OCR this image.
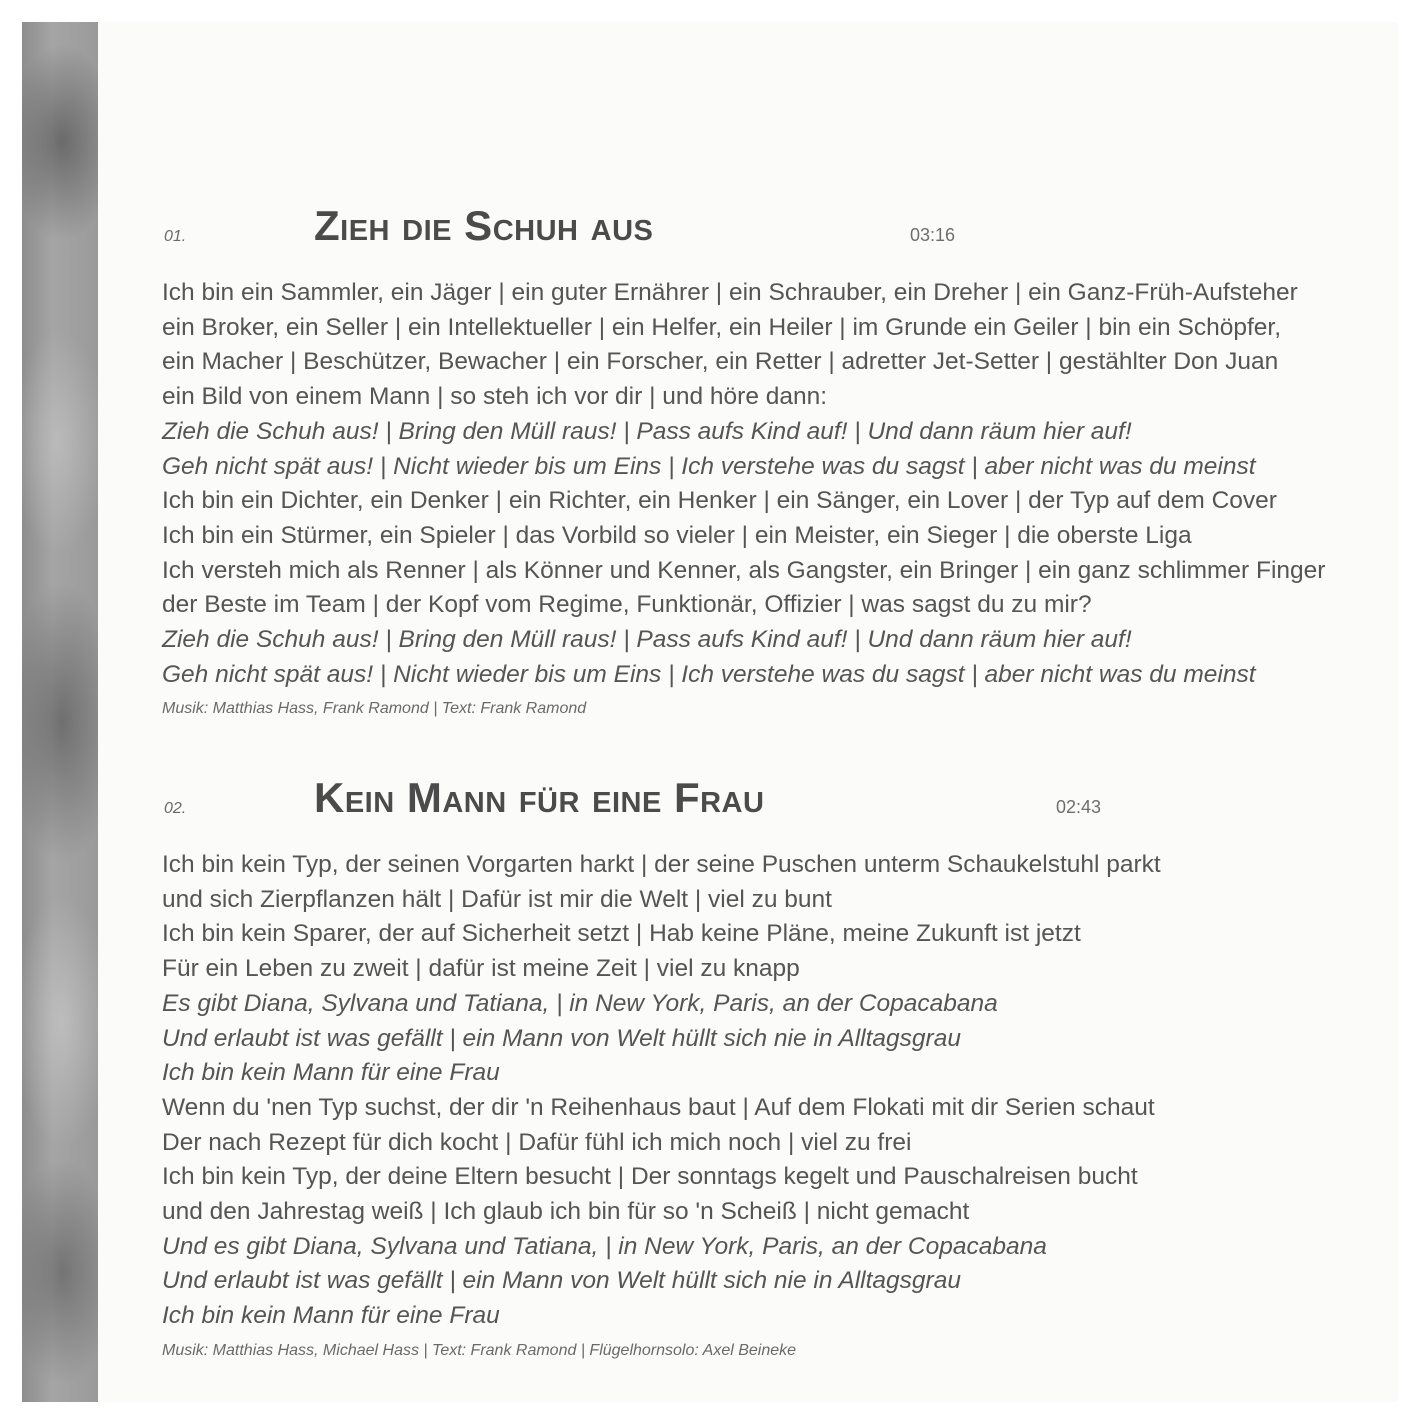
01.	Zieh die Schuh aus	03:16
Ich bin ein Sammler, ein Jäger | ein guter Ernährer | ein Schrauber, ein Dreher | ein Ganz-Früh-Aufsteher
ein Broker, ein Seller | ein Intellektueller | ein Helfer, ein Heiler | im Grunde ein Geiler | bin ein Schöpfer,
ein Macher | Beschützer, Bewacher | ein Forscher, ein Retter | adretter Jet-Setter | gestählter Don Juan
ein Bild von einem Mann | so steh ich vor dir | und höre dann:
Zieh die Schuh aus! | Bring den Müll raus! | Pass aufs Kind auf! | Und dann räum hier auf!
Geh nicht spät aus! | Nicht wieder bis um Eins | Ich verstehe was du sagst | aber nicht was du meinst
Ich bin ein Dichter, ein Denker | ein Richter, ein Henker | ein Sänger, ein Lover | der Typ auf dem Cover
Ich bin ein Stürmer, ein Spieler | das Vorbild so vieler | ein Meister, ein Sieger | die oberste Liga
Ich versteh mich als Renner | als Könner und Kenner, als Gangster, ein Bringer | ein ganz schlimmer Finger
der Beste im Team | der Kopf vom Regime, Funktionär, Offizier | was sagst du zu mir?
Zieh die Schuh aus! | Bring den Müll raus! | Pass aufs Kind auf! | Und dann räum hier auf!
Geh nicht spät aus! | Nicht wieder bis um Eins | Ich verstehe was du sagst | aber nicht was du meinst
Musik: Matthias Hass, Frank Ramond | Text: Frank Ramond
02.	Kein Mann für eine Frau	02:43
Ich bin kein Typ, der seinen Vorgarten harkt | der seine Puschen unterm Schaukelstuhl parkt
und sich Zierpflanzen hält | Dafür ist mir die Welt | viel zu bunt
Ich bin kein Sparer, der auf Sicherheit setzt | Hab keine Pläne, meine Zukunft ist jetzt
Für ein Leben zu zweit | dafür ist meine Zeit | viel zu knapp
Es gibt Diana, Sylvana und Tatiana, | in New York, Paris, an der Copacabana
Und erlaubt ist was gefällt | ein Mann von Welt hüllt sich nie in Alltagsgrau
Ich bin kein Mann für eine Frau
Wenn du 'nen Typ suchst, der dir 'n Reihenhaus baut | Auf dem Flokati mit dir Serien schaut
Der nach Rezept für dich kocht | Dafür fühl ich mich noch | viel zu frei
Ich bin kein Typ, der deine Eltern besucht | Der sonntags kegelt und Pauschalreisen bucht
und den Jahrestag weiß | Ich glaub ich bin für so 'n Scheiß | nicht gemacht
Und es gibt Diana, Sylvana und Tatiana, | in New York, Paris, an der Copacabana
Und erlaubt ist was gefällt | ein Mann von Welt hüllt sich nie in Alltagsgrau
Ich bin kein Mann für eine Frau
Musik: Matthias Hass, Michael Hass | Text: Frank Ramond | Flügelhornsolo: Axel Beineke
